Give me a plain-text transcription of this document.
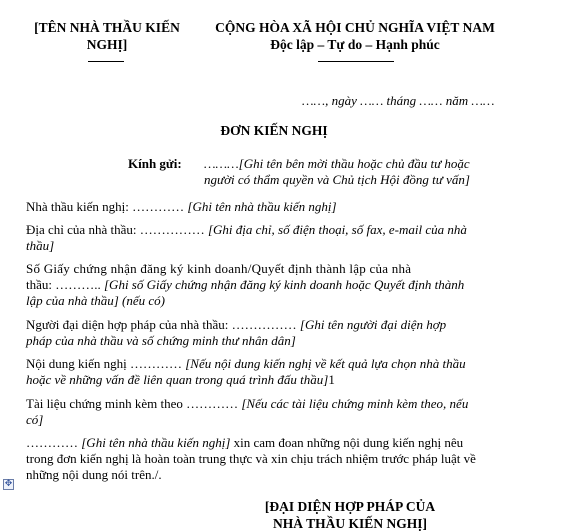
[TÊN NHÀ THẦU KIẾN
NGHỊ]
CỘNG HÒA XÃ HỘI CHỦ NGHĨA VIỆT NAM
Độc lập – Tự do – Hạnh phúc
……, ngày …… tháng …… năm ……
ĐƠN KIẾN NGHỊ
Kính gửi: ………[Ghi tên bên mời thầu hoặc chủ đầu tư hoặc
người có thẩm quyền và Chủ tịch Hội đồng tư vấn]
Nhà thầu kiến nghị: ………… [Ghi tên nhà thầu kiến nghị]
Địa chỉ của nhà thầu: …………… [Ghi địa chỉ, số điện thoại, số fax, e-mail của nhà
thầu]
Số Giấy chứng nhận đăng ký kinh doanh/Quyết định thành lập của nhà
thầu: ……….. [Ghi số Giấy chứng nhận đăng ký kinh doanh hoặc Quyết định thành
lập của nhà thầu] (nếu có)
Người đại diện hợp pháp của nhà thầu: …………… [Ghi tên người đại diện hợp
pháp của nhà thầu và số chứng minh thư nhân dân]
Nội dung kiến nghị ………… [Nếu nội dung kiến nghị về kết quả lựa chọn nhà thầu
hoặc về những vấn đề liên quan trong quá trình đấu thầu]1
Tài liệu chứng minh kèm theo ………… [Nếu các tài liệu chứng minh kèm theo, nếu
có]
………… [Ghi tên nhà thầu kiến nghị] xin cam đoan những nội dung kiến nghị nêu
trong đơn kiến nghị là hoàn toàn trung thực và xin chịu trách nhiệm trước pháp luật về
những nội dung nói trên./.
✥
[ĐẠI DIỆN HỢP PHÁP CỦA
NHÀ THẦU KIẾN NGHỊ]
